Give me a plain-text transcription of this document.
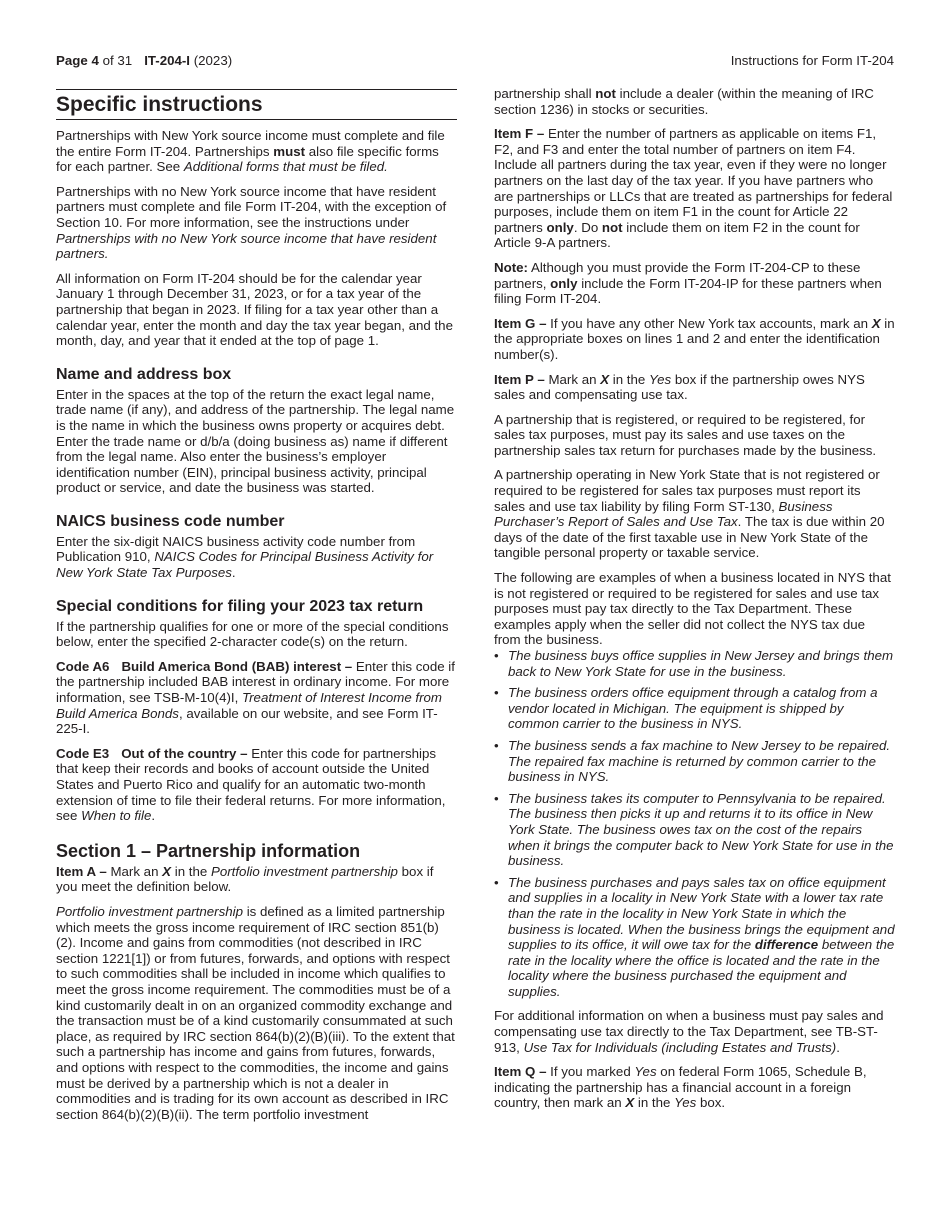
Page 4 of 31 IT-204-I (2023)	Instructions for Form IT-204
Specific instructions

Partnerships with New York source income must complete and file the entire Form IT-204. Partnerships must also file specific forms for each partner. See Additional forms that must be filed.

Partnerships with no New York source income that have resident partners must complete and file Form IT-204, with the exception of Section 10. For more information, see the instructions under Partnerships with no New York source income that have resident partners.

All information on Form IT-204 should be for the calendar year January 1 through December 31, 2023, or for a tax year of the partnership that began in 2023. If filing for a tax year other than a calendar year, enter the month and day the tax year began, and the month, day, and year that it ended at the top of page 1.

Name and address box

Enter in the spaces at the top of the return the exact legal name, trade name (if any), and address of the partnership. The legal name is the name in which the business owns property or acquires debt. Enter the trade name or d/b/a (doing business as) name if different from the legal name. Also enter the business’s employer identification number (EIN), principal business activity, principal product or service, and date the business was started.

NAICS business code number

Enter the six-digit NAICS business activity code number from Publication 910, NAICS Codes for Principal Business Activity for New York State Tax Purposes.

Special conditions for filing your 2023 tax return

If the partnership qualifies for one or more of the special conditions below, enter the specified 2-character code(s) on the return.

Code A6 Build America Bond (BAB) interest – Enter this code if the partnership included BAB interest in ordinary income. For more information, see TSB-M-10(4)I, Treatment of Interest Income from Build America Bonds, available on our website, and see Form IT-225-I.

Code E3 Out of the country – Enter this code for partnerships that keep their records and books of account outside the United States and Puerto Rico and qualify for an automatic two-month extension of time to file their federal returns. For more information, see When to file.

Section 1 – Partnership information

Item A – Mark an X in the Portfolio investment partnership box if you meet the definition below.

Portfolio investment partnership is defined as a limited partnership which meets the gross income requirement of IRC section 851(b)(2). Income and gains from commodities (not described in IRC section 1221[1]) or from futures, forwards, and options with respect to such commodities shall be included in income which qualifies to meet the gross income requirement. The commodities must be of a kind customarily dealt in on an organized commodity exchange and the transaction must be of a kind customarily consummated at such place, as required by IRC section 864(b)(2)(B)(iii). To the extent that such a partnership has income and gains from futures, forwards, and options with respect to the commodities, the income and gains must be derived by a partnership which is not a dealer in commodities and is trading for its own account as described in IRC section 864(b)(2)(B)(ii). The term portfolio investment

partnership shall not include a dealer (within the meaning of IRC section 1236) in stocks or securities.

Item F – Enter the number of partners as applicable on items F1, F2, and F3 and enter the total number of partners on item F4. Include all partners during the tax year, even if they were no longer partners on the last day of the tax year. If you have partners who are partnerships or LLCs that are treated as partnerships for federal purposes, include them on item F1 in the count for Article 22 partners only. Do not include them on item F2 in the count for Article 9-A partners.

Note: Although you must provide the Form IT-204-CP to these partners, only include the Form IT-204-IP for these partners when filing Form IT-204.

Item G – If you have any other New York tax accounts, mark an X in the appropriate boxes on lines 1 and 2 and enter the identification number(s).

Item P – Mark an X in the Yes box if the partnership owes NYS sales and compensating use tax.

A partnership that is registered, or required to be registered, for sales tax purposes, must pay its sales and use taxes on the partnership sales tax return for purchases made by the business.

A partnership operating in New York State that is not registered or required to be registered for sales tax purposes must report its sales and use tax liability by filing Form ST-130, Business Purchaser’s Report of Sales and Use Tax. The tax is due within 20 days of the date of the first taxable use in New York State of the tangible personal property or taxable service.

The following are examples of when a business located in NYS that is not registered or required to be registered for sales and use tax purposes must pay tax directly to the Tax Department. These examples apply when the seller did not collect the NYS tax due from the business.

• The business buys office supplies in New Jersey and brings them back to New York State for use in the business.
• The business orders office equipment through a catalog from a vendor located in Michigan. The equipment is shipped by common carrier to the business in NYS.
• The business sends a fax machine to New Jersey to be repaired. The repaired fax machine is returned by common carrier to the business in NYS.
• The business takes its computer to Pennsylvania to be repaired. The business then picks it up and returns it to its office in New York State. The business owes tax on the cost of the repairs when it brings the computer back to New York State for use in the business.
• The business purchases and pays sales tax on office equipment and supplies in a locality in New York State with a lower tax rate than the rate in the locality in New York State in which the business is located. When the business brings the equipment and supplies to its office, it will owe tax for the difference between the rate in the locality where the office is located and the rate in the locality where the business purchased the equipment and supplies.

For additional information on when a business must pay sales and compensating use tax directly to the Tax Department, see TB-ST-913, Use Tax for Individuals (including Estates and Trusts).

Item Q – If you marked Yes on federal Form 1065, Schedule B, indicating the partnership has a financial account in a foreign country, then mark an X in the Yes box.
